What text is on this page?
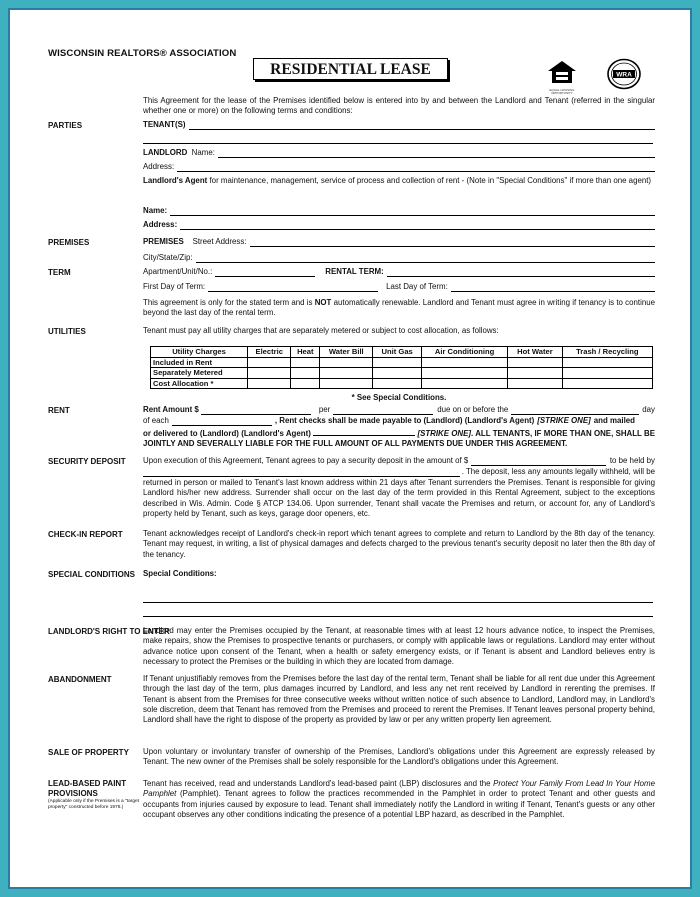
WISCONSIN REALTORS® ASSOCIATION
RESIDENTIAL LEASE
EQUAL HOUSING OPPORTUNITY
WRA
This Agreement for the lease of the Premises identified below is entered into by and between the Landlord and Tenant (referred in the singular whether one or more) on the following terms and conditions:
PARTIES	TENANT(S)
LANDLORD
Name:
Address:
Landlord's Agent for maintenance, management, service of process and collection of rent - (Note in "Special Conditions" if more than one agent)
Name:
Address:
PREMISES	PREMISES
Street Address:
City/State/Zip:
TERM	Apartment/Unit/No.:	RENTAL TERM:
First Day of Term:	Last Day of Term:
This agreement is only for the stated term and is NOT automatically renewable. Landlord and Tenant must agree in writing if tenancy is to continue beyond the last day of the rental term.
UTILITIES	Tenant must pay all utility charges that are separately metered or subject to cost allocation, as follows:
Utility Charges	Electric	Heat	Water Bill	Unit Gas	Air Conditioning	Hot Water	Trash / Recycling
Included in Rent							
Separately Metered							
Cost Allocation *							
* See Special Conditions.
RENT	Rent Amount $	per	due on or before the	day
of each	, Rent checks shall be made payable to (Landlord) (Landlord's Agent) [STRIKE ONE] and mailed
or delivered to (Landlord) (Landlord's Agent)	[STRIKE ONE]. ALL TENANTS, IF MORE THAN ONE, SHALL BE JOINTLY AND SEVERALLY LIABLE FOR THE FULL AMOUNT OF ALL PAYMENTS DUE UNDER THIS AGREEMENT.
SECURITY DEPOSIT Upon execution of this Agreement, Tenant agrees to pay a security deposit in the amount of $	to be held by
. The deposit, less any amounts legally withheld, will be
returned in person or mailed to Tenant's last known address within 21 days after Tenant surrenders the Premises. Tenant is responsible for giving Landlord his/her new address. Surrender shall occur on the last day of the term provided in this Rental Agreement, subject to the exceptions described in Wis. Admin. Code § ATCP 134.06. Upon surrender, Tenant shall vacate the Premises and return, or account for, any of Landlord's property held by Tenant, such as keys, garage door openers, etc.
CHECK-IN REPORT	Tenant acknowledges receipt of Landlord's check-in report which tenant agrees to complete and return to Landlord by the 8th day of the tenancy. Tenant may request, in writing, a list of physical damages and defects charged to the previous tenant's security deposit no later then the 8th day of the tenancy.
SPECIAL CONDITIONS Special Conditions:
LANDLORD'S RIGHT TO ENTER
Landlord may enter the Premises occupied by the Tenant, at reasonable times with at least 12 hours advance notice, to inspect the Premises, make repairs, show the Premises to prospective tenants or purchasers, or comply with applicable laws or regulations. Landlord may enter without advance notice upon consent of the Tenant, when a health or safety emergency exists, or if Tenant is absent and Landlord believes entry is necessary to protect the Premises or the building in which they are located from damage.
ABANDONMENT	If Tenant unjustifiably removes from the Premises before the last day of the rental term, Tenant shall be liable for all rent due under this Agreement through the last day of the term, plus damages incurred by Landlord, and less any net rent received by Landlord in rerenting the premises. If Tenant is absent from the Premises for three consecutive weeks without written notice of such absence to Landlord, Landlord may, in Landlord's sole discretion, deem that Tenant has removed from the Premises and proceed to rerent the Premises. If Tenant leaves personal property behind, Landlord shall have the right to dispose of the property as provided by law or per any written property lien agreement.
SALE OF PROPERTY Upon voluntary or involuntary transfer of ownership of the Premises, Landlord's obligations under this Agreement are expressly released by Tenant. The new owner of the Premises shall be solely responsible for the Landlord's obligations under this Agreement.
LEAD-BASED PAINT PROVISIONS
(Applicable only if the Premises is a "target property" constructed before 1978.)
Tenant has received, read and understands Landlord's lead-based paint (LBP) disclosures and the Protect Your Family From Lead In Your Home Pamphlet (Pamphlet). Tenant agrees to follow the practices recommended in the Pamphlet in order to protect Tenant and other guests and occupants from injuries caused by exposure to lead. Tenant shall immediately notify the Landlord in writing if Tenant, Tenant's guests or any other occupant observes any other conditions indicating the presence of a potential LBP hazard, as described in the Pamphlet.
